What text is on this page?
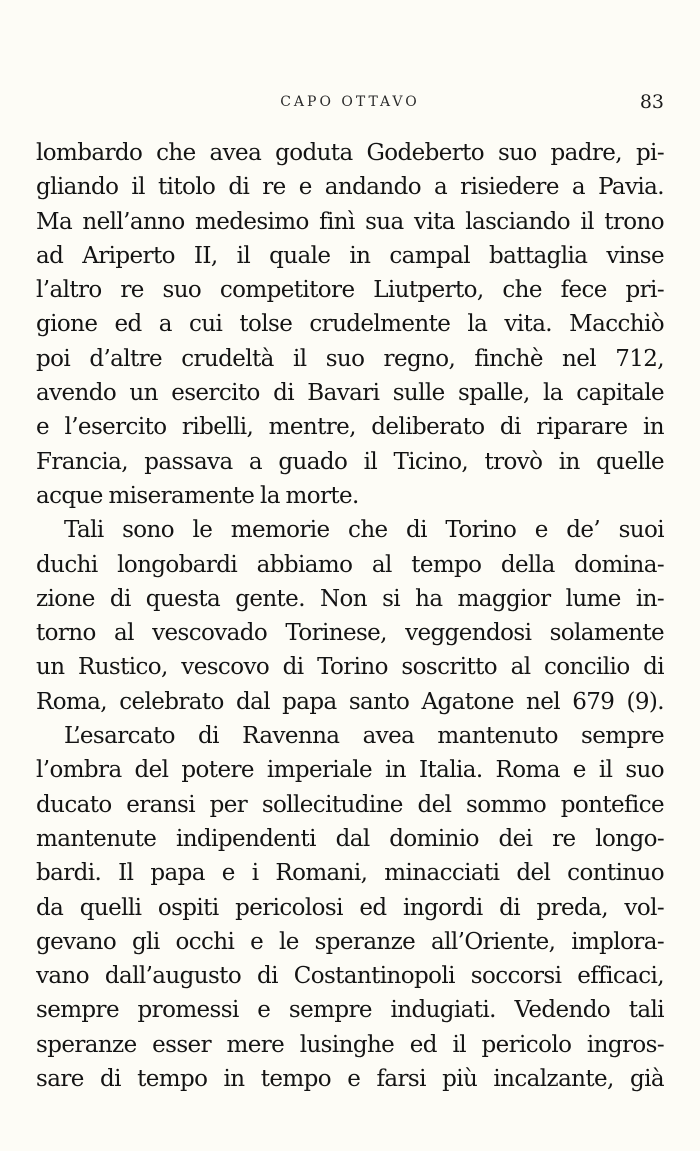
CAPO OTTAVO	83
lombardo che avea goduta Godeberto suo padre, pi-
gliando il titolo di re e andando a risiedere a Pavia.
Ma nell’anno medesimo finì sua vita lasciando il trono
ad Ariperto II, il quale in campal battaglia vinse
l’altro re suo competitore Liutperto, che fece pri-
gione ed a cui tolse crudelmente la vita. Macchiò
poi d’altre crudeltà il suo regno, finchè nel 712,
avendo un esercito di Bavari sulle spalle, la capitale
e l’esercito ribelli, mentre, deliberato di riparare in
Francia, passava a guado il Ticino, trovò in quelle
acque miseramente la morte.
Tali sono le memorie che di Torino e de’ suoi
duchi longobardi abbiamo al tempo della domina-
zione di questa gente. Non si ha maggior lume in-
torno al vescovado Torinese, veggendosi solamente
un Rustico, vescovo di Torino soscritto al concilio di
Roma, celebrato dal papa santo Agatone nel 679 (9).
L’esarcato di Ravenna avea mantenuto sempre
l’ombra del potere imperiale in Italia. Roma e il suo
ducato eransi per sollecitudine del sommo pontefice
mantenute indipendenti dal dominio dei re longo-
bardi. Il papa e i Romani, minacciati del continuo
da quelli ospiti pericolosi ed ingordi di preda, vol-
gevano gli occhi e le speranze all’Oriente, implora-
vano dall’augusto di Costantinopoli soccorsi efficaci,
sempre promessi e sempre indugiati. Vedendo tali
speranze esser mere lusinghe ed il pericolo ingros-
sare di tempo in tempo e farsi più incalzante, già
